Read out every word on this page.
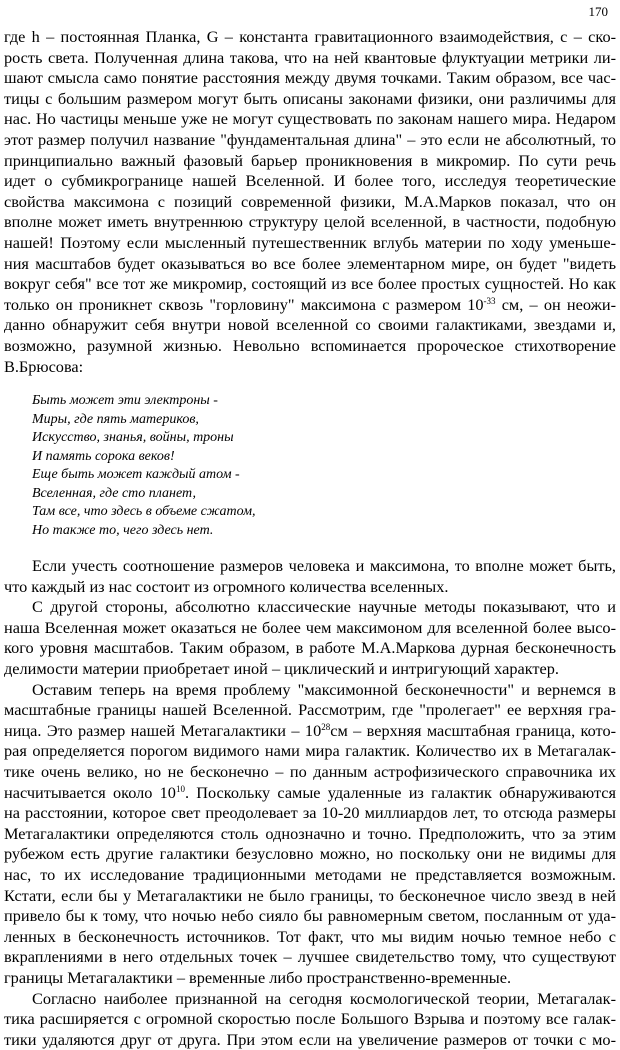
170
где h – постоянная Планка, G – константа гравитационного взаимодействия, с – ско-
рость света. Полученная длина такова, что на ней квантовые флуктуации метрики ли-
шают смысла само понятие расстояния между двумя точками. Таким образом, все час-
тицы с большим размером могут быть описаны законами физики, они различимы для
нас. Но частицы меньше уже не могут существовать по законам нашего мира. Недаром
этот размер получил название "фундаментальная длина" – это если не абсолютный, то
принципиально важный фазовый барьер проникновения в микромир. По сути речь
идет о субмикрогранице нашей Вселенной. И более того, исследуя теоретические
свойства максимона с позиций современной физики, М.А.Марков показал, что он
вполне может иметь внутреннюю структуру целой вселенной, в частности, подобную
нашей! Поэтому если мысленный путешественник вглубь материи по ходу уменьше-
ния масштабов будет оказываться во все более элементарном мире, он будет "видеть
вокруг себя" все тот же микромир, состоящий из все более простых сущностей. Но как
только он проникнет сквозь "горловину" максимона с размером $10^{-33}$ см, – он неожи-
данно обнаружит себя внутри новой вселенной со своими галактиками, звездами и,
возможно, разумной жизнью. Невольно вспоминается пророческое стихотворение
В.Брюсова:
Быть может эти электроны -
Миры, где пять материков,
Искусство, знанья, войны, троны
И память сорока веков!
Еще быть может каждый атом -
Вселенная, где сто планет,
Там все, что здесь в объеме сжатом,
Но также то, чего здесь нет.
Если учесть соотношение размеров человека и максимона, то вполне может быть,
что каждый из нас состоит из огромного количества вселенных.
С другой стороны, абсолютно классические научные методы показывают, что и
наша Вселенная может оказаться не более чем максимоном для вселенной более высо-
кого уровня масштабов. Таким образом, в работе М.А.Маркова дурная бесконечность
делимости материи приобретает иной – циклический и интригующий характер.
Оставим теперь на время проблему "максимонной бесконечности" и вернемся в
масштабные границы нашей Вселенной. Рассмотрим, где "пролегает" ее верхняя гра-
ница. Это размер нашей Метагалактики – $10^{28}см$ – верхняя масштабная граница, кото-
рая определяется порогом видимого нами мира галактик. Количество их в Метагалак-
тике очень велико, но не бесконечно – по данным астрофизического справочника их
насчитывается около $10^{10}$. Поскольку самые удаленные из галактик обнаруживаются
на расстоянии, которое свет преодолевает за 10-20 миллиардов лет, то отсюда размеры
Метагалактики определяются столь однозначно и точно. Предположить, что за этим
рубежом есть другие галактики безусловно можно, но поскольку они не видимы для
нас, то их исследование традиционными методами не представляется возможным.
Кстати, если бы у Метагалактики не было границы, то бесконечное число звезд в ней
привело бы к тому, что ночью небо сияло бы равномерным светом, посланным от уда-
ленных в бесконечность источников. Тот факт, что мы видим ночью темное небо с
вкраплениями в него отдельных точек – лучшее свидетельство тому, что существуют
границы Метагалактики – временные либо пространственно-временные.
Согласно наиболее признанной на сегодня космологической теории, Метагалак-
тика расширяется с огромной скоростью после Большого Взрыва и поэтому все галак-
тики удаляются друг от друга. При этом если на увеличение размеров от точки с мо-
